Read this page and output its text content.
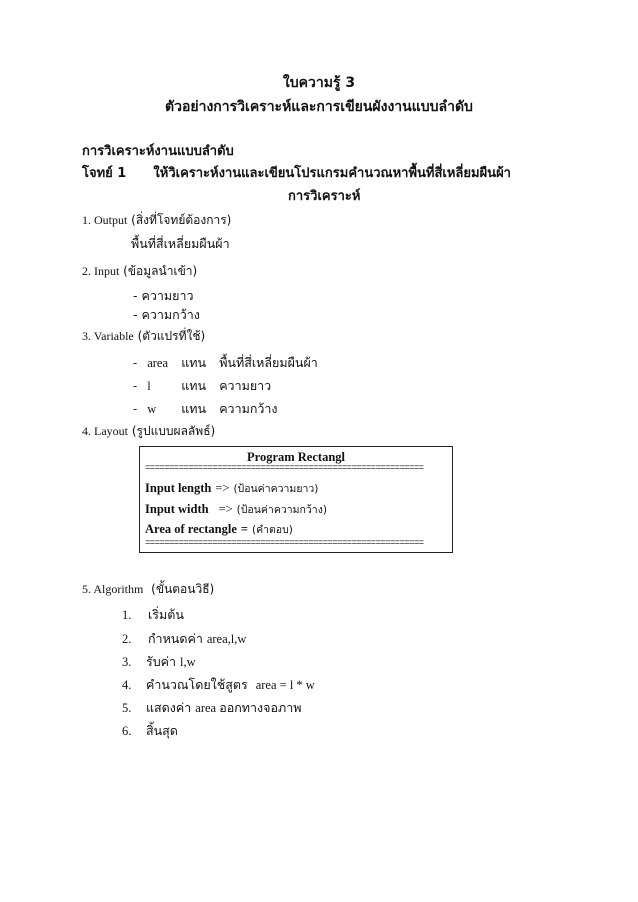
ใบความรู้ 3
ตัวอย่างการวิเคราะห์และการเขียนผังงานแบบลำดับ
การวิเคราะห์งานแบบลำดับ
โจทย์ 1 ให้วิเคราะห์งานและเขียนโปรแกรมคำนวณหาพื้นที่สี่เหลี่ยมผืนผ้า
การวิเคราะห์
1. Output (สิ่งที่โจทย์ต้องการ)
พื้นที่สี่เหลี่ยมผืนผ้า
2. Input (ข้อมูลนำเข้า)
- ความยาว
- ความกว้าง
3. Variable (ตัวแปรที่ใช้)
- area แทน พื้นที่สี่เหลี่ยมผืนผ้า
- l แทน ความยาว
- w แทน ความกว้าง
4. Layout (รูปแบบผลลัพธ์)
Program Rectangl
==========================================================
Input length => (ป้อนค่าความยาว)
Input width => (ป้อนค่าความกว้าง)
Area of rectangle = (คำตอบ)
==========================================================
5. Algorithm (ขั้นตอนวิธี)
1. เริ่มต้น
2. กำหนดค่า area,l,w
3. รับค่า l,w
4. คำนวณโดยใช้สูตร area = l * w
5. แสดงค่า area ออกทางจอภาพ
6. สิ้นสุด
